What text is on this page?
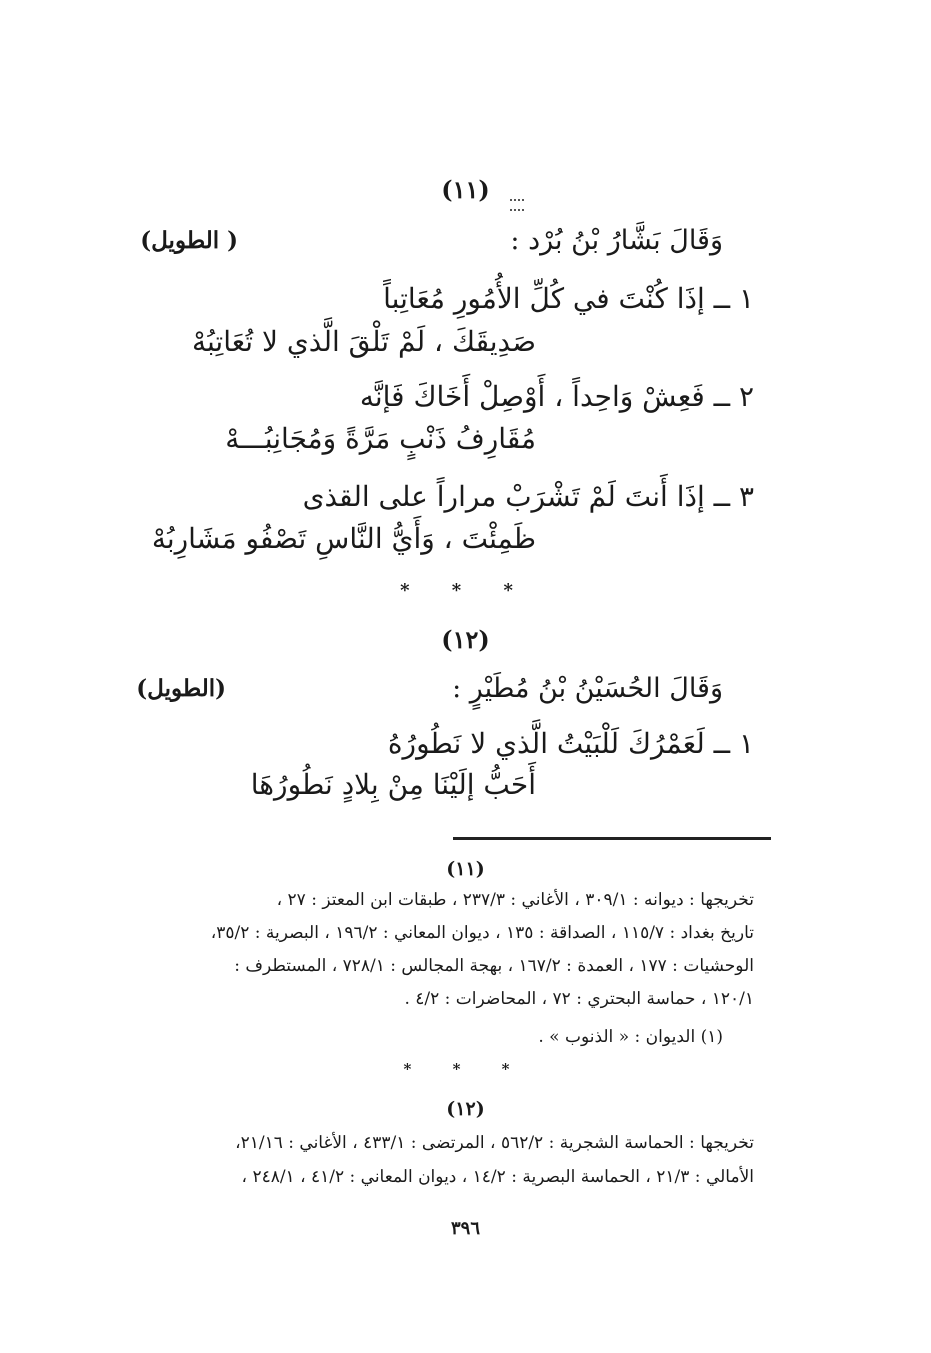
(١١)
وَقَالَ بَشَّارُ بْنُ بُرْد :
( الطويل)
١ ــ إذَا كُنْتَ في كُلِّ الأُمُورِ مُعَاتِباً
صَدِيقَكَ ، لَمْ تَلْقَ الَّذي لا تُعَاتِبُهْ
٢ ــ فَعِشْ وَاحِداً ، أَوْصِلْ أَخَاكَ فَإنَّه
مُقَارِفُ ذَنْبٍ مَرَّةً وَمُجَانِبُـــهْ
٣ ــ إذَا أَنتَ لَمْ تَشْرَبْ مراراً على القذى
ظَمِئْتَ ، وَأَيُّ النَّاسِ تَصْفُو مَشَارِبُهْ
* * *
(١٢)
وَقَالَ الحُسَيْنُ بْنُ مُطَيْرٍ :
(الطويل)
١ ــ لَعَمْرُكَ لَلْبَيْتُ الَّذي لا نَطُورُهُ
أَحَبُّ إلَيْنَا مِنْ بِلادٍ نَطُورُهَا
(١١)
تخريجها : ديوانه : ٣٠٩/١ ، الأغاني : ٢٣٧/٣ ، طبقات ابن المعتز : ٢٧ ،
تاريخ بغداد : ١١٥/٧ ، الصداقة : ١٣٥ ، ديوان المعاني : ١٩٦/٢ ، البصرية : ٣٥/٢،
الوحشيات : ١٧٧ ، العمدة : ١٦٧/٢ ، بهجة المجالس : ٧٢٨/١ ، المستطرف :
١٢٠/١ ، حماسة البحتري : ٧٢ ، المحاضرات : ٤/٢ .
(١) الديوان : « الذنوب » .
* * *
(١٢)
تخريجها : الحماسة الشجرية : ٥٦٢/٢ ، المرتضى : ٤٣٣/١ ، الأغاني : ٢١/١٦،
الأمالي : ٢١/٣ ، الحماسة البصرية : ١٤/٢ ، ديوان المعاني : ٤١/٢ ، ٢٤٨/١ ،
٣٩٦
